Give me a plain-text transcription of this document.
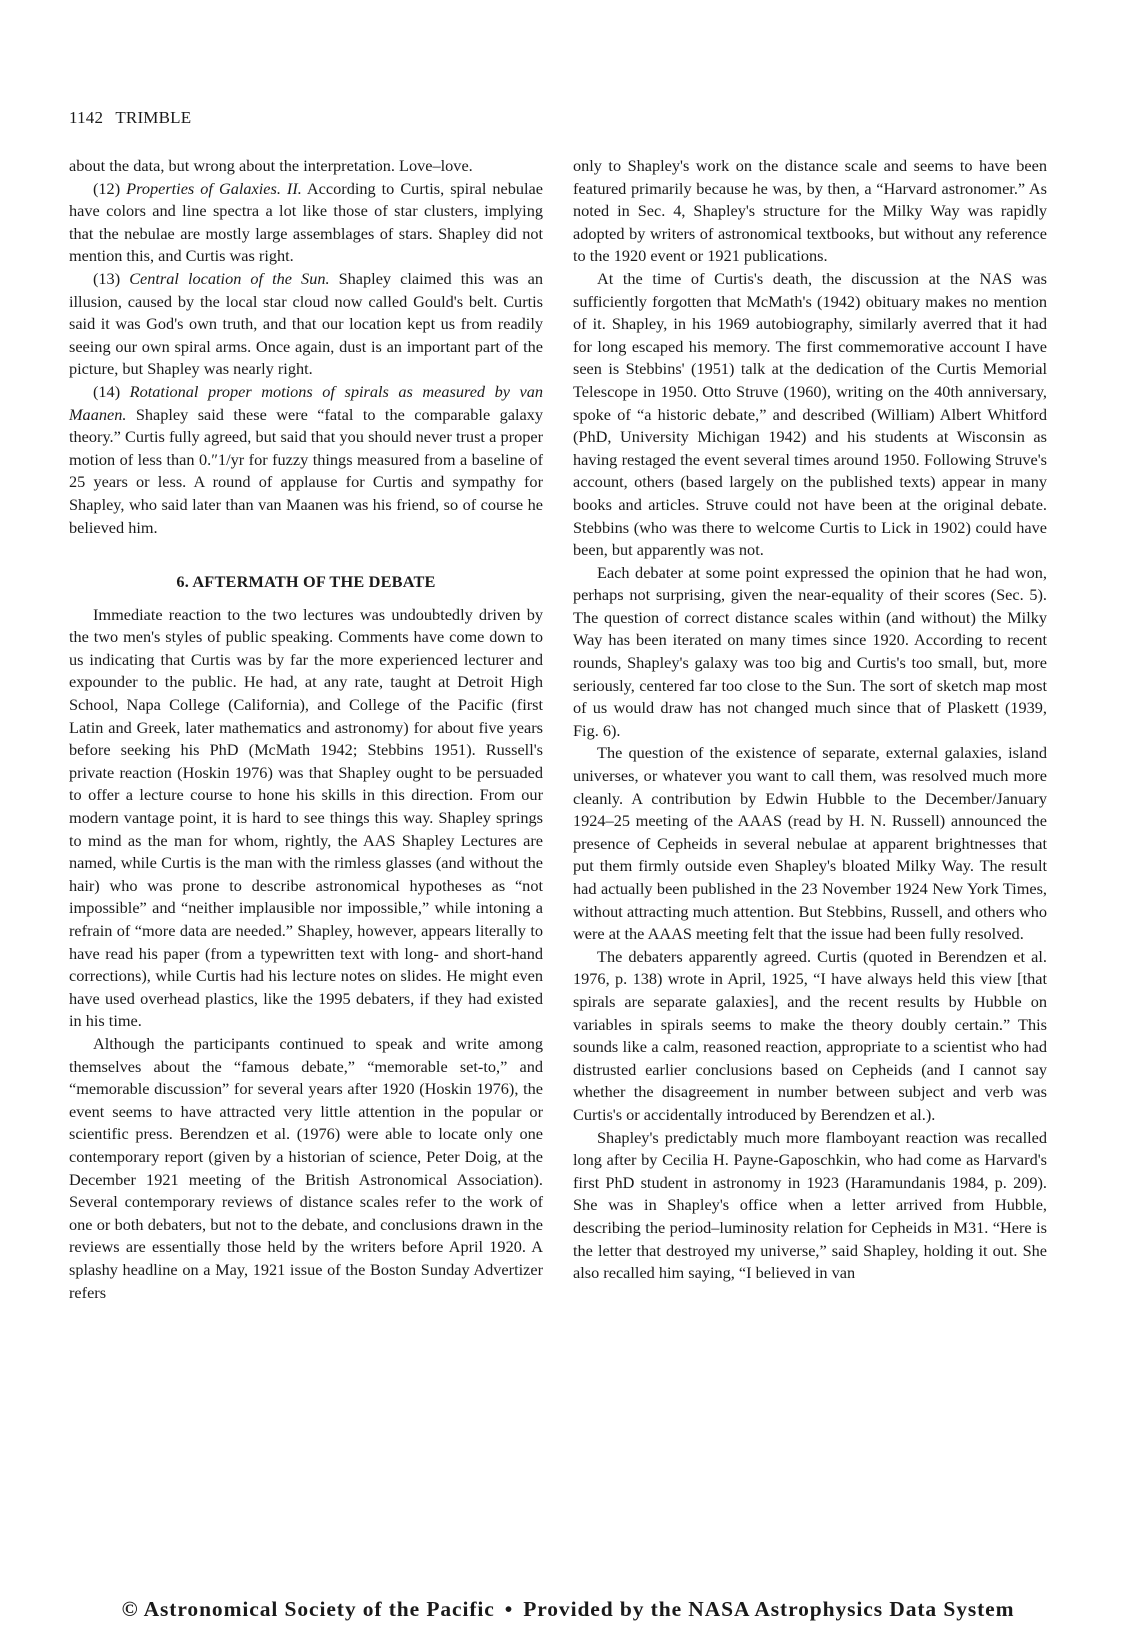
1142 TRIMBLE

about the data, but wrong about the interpretation. Love–love.

(12) Properties of Galaxies. II. According to Curtis, spiral nebulae have colors and line spectra a lot like those of star clusters, implying that the nebulae are mostly large assemblages of stars. Shapley did not mention this, and Curtis was right.

(13) Central location of the Sun. Shapley claimed this was an illusion, caused by the local star cloud now called Gould's belt. Curtis said it was God's own truth, and that our location kept us from readily seeing our own spiral arms. Once again, dust is an important part of the picture, but Shapley was nearly right.

(14) Rotational proper motions of spirals as measured by van Maanen. Shapley said these were “fatal to the comparable galaxy theory.” Curtis fully agreed, but said that you should never trust a proper motion of less than 0.″1/yr for fuzzy things measured from a baseline of 25 years or less. A round of applause for Curtis and sympathy for Shapley, who said later than van Maanen was his friend, so of course he believed him.

6. AFTERMATH OF THE DEBATE

Immediate reaction to the two lectures was undoubtedly driven by the two men's styles of public speaking. Comments have come down to us indicating that Curtis was by far the more experienced lecturer and expounder to the public. He had, at any rate, taught at Detroit High School, Napa College (California), and College of the Pacific (first Latin and Greek, later mathematics and astronomy) for about five years before seeking his PhD (McMath 1942; Stebbins 1951). Russell's private reaction (Hoskin 1976) was that Shapley ought to be persuaded to offer a lecture course to hone his skills in this direction. From our modern vantage point, it is hard to see things this way. Shapley springs to mind as the man for whom, rightly, the AAS Shapley Lectures are named, while Curtis is the man with the rimless glasses (and without the hair) who was prone to describe astronomical hypotheses as “not impossible” and “neither implausible nor impossible,” while intoning a refrain of “more data are needed.” Shapley, however, appears literally to have read his paper (from a typewritten text with long- and short-hand corrections), while Curtis had his lecture notes on slides. He might even have used overhead plastics, like the 1995 debaters, if they had existed in his time.

Although the participants continued to speak and write among themselves about the “famous debate,” “memorable set-to,” and “memorable discussion” for several years after 1920 (Hoskin 1976), the event seems to have attracted very little attention in the popular or scientific press. Berendzen et al. (1976) were able to locate only one contemporary report (given by a historian of science, Peter Doig, at the December 1921 meeting of the British Astronomical Association). Several contemporary reviews of distance scales refer to the work of one or both debaters, but not to the debate, and conclusions drawn in the reviews are essentially those held by the writers before April 1920. A splashy headline on a May, 1921 issue of the Boston Sunday Advertizer refers

only to Shapley's work on the distance scale and seems to have been featured primarily because he was, by then, a “Harvard astronomer.” As noted in Sec. 4, Shapley's structure for the Milky Way was rapidly adopted by writers of astronomical textbooks, but without any reference to the 1920 event or 1921 publications.

At the time of Curtis's death, the discussion at the NAS was sufficiently forgotten that McMath's (1942) obituary makes no mention of it. Shapley, in his 1969 autobiography, similarly averred that it had for long escaped his memory. The first commemorative account I have seen is Stebbins' (1951) talk at the dedication of the Curtis Memorial Telescope in 1950. Otto Struve (1960), writing on the 40th anniversary, spoke of “a historic debate,” and described (William) Albert Whitford (PhD, University Michigan 1942) and his students at Wisconsin as having restaged the event several times around 1950. Following Struve's account, others (based largely on the published texts) appear in many books and articles. Struve could not have been at the original debate. Stebbins (who was there to welcome Curtis to Lick in 1902) could have been, but apparently was not.

Each debater at some point expressed the opinion that he had won, perhaps not surprising, given the near-equality of their scores (Sec. 5). The question of correct distance scales within (and without) the Milky Way has been iterated on many times since 1920. According to recent rounds, Shapley's galaxy was too big and Curtis's too small, but, more seriously, centered far too close to the Sun. The sort of sketch map most of us would draw has not changed much since that of Plaskett (1939, Fig. 6).

The question of the existence of separate, external galaxies, island universes, or whatever you want to call them, was resolved much more cleanly. A contribution by Edwin Hubble to the December/January 1924–25 meeting of the AAAS (read by H. N. Russell) announced the presence of Cepheids in several nebulae at apparent brightnesses that put them firmly outside even Shapley's bloated Milky Way. The result had actually been published in the 23 November 1924 New York Times, without attracting much attention. But Stebbins, Russell, and others who were at the AAAS meeting felt that the issue had been fully resolved.

The debaters apparently agreed. Curtis (quoted in Berendzen et al. 1976, p. 138) wrote in April, 1925, “I have always held this view [that spirals are separate galaxies], and the recent results by Hubble on variables in spirals seems to make the theory doubly certain.” This sounds like a calm, reasoned reaction, appropriate to a scientist who had distrusted earlier conclusions based on Cepheids (and I cannot say whether the disagreement in number between subject and verb was Curtis's or accidentally introduced by Berendzen et al.).

Shapley's predictably much more flamboyant reaction was recalled long after by Cecilia H. Payne-Gaposchkin, who had come as Harvard's first PhD student in astronomy in 1923 (Haramundanis 1984, p. 209). She was in Shapley's office when a letter arrived from Hubble, describing the period–luminosity relation for Cepheids in M31. “Here is the letter that destroyed my universe,” said Shapley, holding it out. She also recalled him saying, “I believed in van

© Astronomical Society of the Pacific • Provided by the NASA Astrophysics Data System
